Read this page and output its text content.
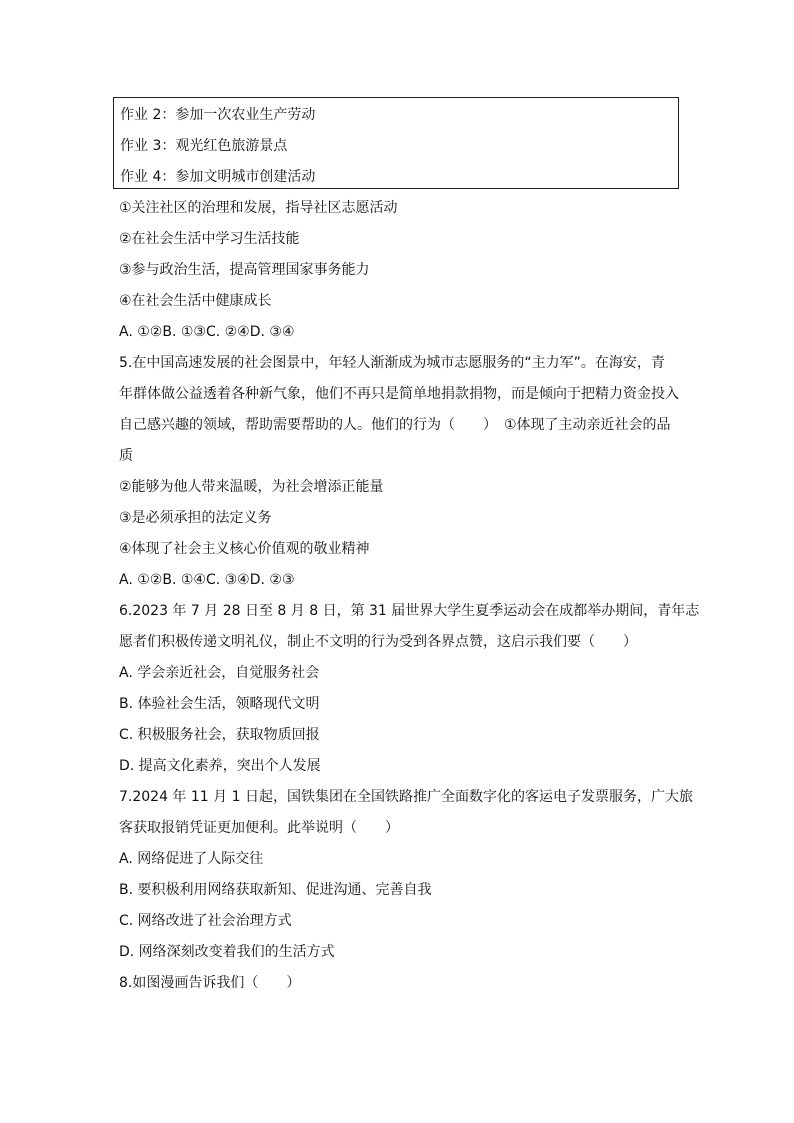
作业 2：参加一次农业生产劳动
作业 3：观光红色旅游景点
作业 4：参加文明城市创建活动
①关注社区的治理和发展，指导社区志愿活动
②在社会生活中学习生活技能
③参与政治生活，提高管理国家事务能力
④在社会生活中健康成长
A. ①②B. ①③C. ②④D. ③④
5.在中国高速发展的社会图景中，年轻人渐渐成为城市志愿服务的“主力军”。在海安，青
年群体做公益透着各种新气象，他们不再只是简单地捐款捐物，而是倾向于把精力资金投入
自己感兴趣的领域，帮助需要帮助的人。他们的行为（　　）　①体现了主动亲近社会的品
质
②能够为他人带来温暖，为社会增添正能量
③是必须承担的法定义务
④体现了社会主义核心价值观的敬业精神
A. ①②B. ①④C. ③④D. ②③
6.2023 年 7 月 28 日至 8 月 8 日，第 31 届世界大学生夏季运动会在成都举办期间，青年志
愿者们积极传递文明礼仪，制止不文明的行为受到各界点赞，这启示我们要（　　）
A. 学会亲近社会，自觉服务社会
B. 体验社会生活，领略现代文明
C. 积极服务社会，获取物质回报
D. 提高文化素养，突出个人发展
7.2024 年 11 月 1 日起，国铁集团在全国铁路推广全面数字化的客运电子发票服务，广大旅
客获取报销凭证更加便利。此举说明（　　）
A. 网络促进了人际交往
B. 要积极利用网络获取新知、促进沟通、完善自我
C. 网络改进了社会治理方式
D. 网络深刻改变着我们的生活方式
8.如图漫画告诉我们（　　）
